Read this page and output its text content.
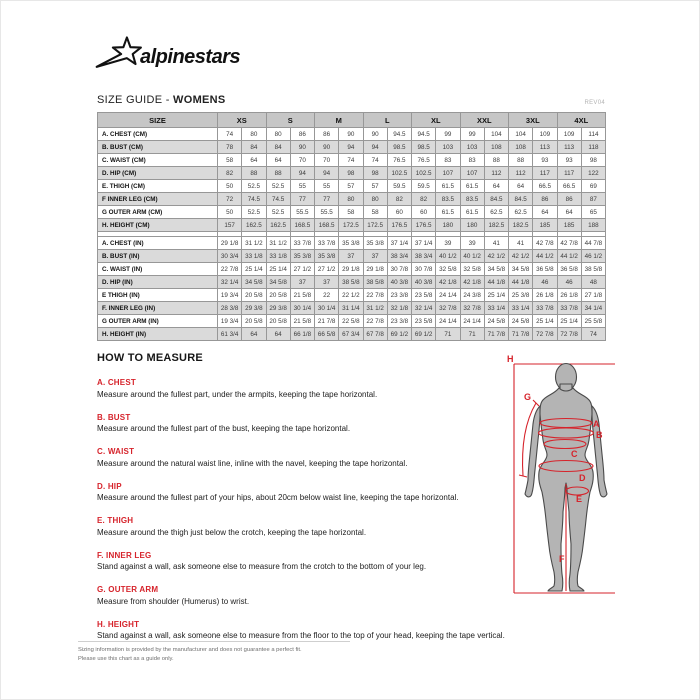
alpinestars
SIZE GUIDE - WOMENS	REV04
SIZE	XS		S		M		L		XL		XXL		3XL		4XL	
A. CHEST (CM)	74	80	80	86	86	90	90	94.5	94.5	99	99	104	104	109	109	114
B. BUST (CM)	78	84	84	90	90	94	94	98.5	98.5	103	103	108	108	113	113	118
C. WAIST (CM)	58	64	64	70	70	74	74	76.5	76.5	83	83	88	88	93	93	98
D. HIP (CM)	82	88	88	94	94	98	98	102.5	102.5	107	107	112	112	117	117	122
E. THIGH (CM)	50	52.5	52.5	55	55	57	57	59.5	59.5	61.5	61.5	64	64	66.5	66.5	69
F INNER LEG (CM)	72	74.5	74.5	77	77	80	80	82	82	83.5	83.5	84.5	84.5	86	86	87
G OUTER ARM (CM)	50	52.5	52.5	55.5	55.5	58	58	60	60	61.5	61.5	62.5	62.5	64	64	65
H. HEIGHT (CM)	157	162.5	162.5	168.5	168.5	172.5	172.5	176.5	176.5	180	180	182.5	182.5	185	185	188

A. CHEST (IN)	29 1/8	31 1/2	31 1/2	33 7/8	33 7/8	35 3/8	35 3/8	37 1/4	37 1/4	39	39	41	41	42 7/8	42 7/8	44 7/8
B. BUST (IN)	30 3/4	33 1/8	33 1/8	35 3/8	35 3/8	37	37	38 3/4	38 3/4	40 1/2	40 1/2	42 1/2	42 1/2	44 1/2	44 1/2	46 1/2
C. WAIST (IN)	22 7/8	25 1/4	25 1/4	27 1/2	27 1/2	29 1/8	29 1/8	30 7/8	30 7/8	32 5/8	32 5/8	34 5/8	34 5/8	36 5/8	36 5/8	38 5/8
D. HIP (IN)	32 1/4	34 5/8	34 5/8	37	37	38 5/8	38 5/8	40 3/8	40 3/8	42 1/8	42 1/8	44 1/8	44 1/8	46	46	48
E THIGH (IN)	19 3/4	20 5/8	20 5/8	21 5/8	22	22 1/2	22 7/8	23 3/8	23 5/8	24 1/4	24 3/8	25 1/4	25 3/8	26 1/8	26 1/8	27 1/8
F. INNER LEG (IN)	28 3/8	29 3/8	29 3/8	30 1/4	30 1/4	31 1/4	31 1/2	32 1/8	32 1/4	32 7/8	32 7/8	33 1/4	33 1/4	33 7/8	33 7/8	34 1/4
G OUTER ARM (IN)	19 3/4	20 5/8	20 5/8	21 5/8	21 7/8	22 5/8	22 7/8	23 3/8	23 5/8	24 1/4	24 1/4	24 5/8	24 5/8	25 1/4	25 1/4	25 5/8
H. HEIGHT (IN)	61 3/4	64	64	66 1/8	66 5/8	67 3/4	67 7/8	69 1/2	69 1/2	71	71	71 7/8	71 7/8	72 7/8	72 7/8	74
HOW TO MEASURE
A. CHEST
Measure around the fullest part, under the armpits, keeping the tape horizontal.
B. BUST
Measure around the fullest part of the bust, keeping the tape horizontal.
C. WAIST
Measure around the natural waist line, inline with the navel, keeping the tape horizontal.
D. HIP
Measure around the fullest part of your hips, about 20cm below waist line, keeping the tape horizontal.
E. THIGH
Measure around the thigh just below the crotch, keeping the tape horizontal.
F. INNER LEG
Stand against a wall, ask someone else to measure from the crotch to the bottom of your leg.
G. OUTER ARM
Measure from shoulder (Humerus) to wrist.
H. HEIGHT
Stand against a wall, ask someone else to measure from the floor to the top of your head, keeping the tape vertical.
H
G
A
B
C
D
E
F
Sizing information is provided by the manufacturer and does not guarantee a perfect fit.
Please use this chart as a guide only.
